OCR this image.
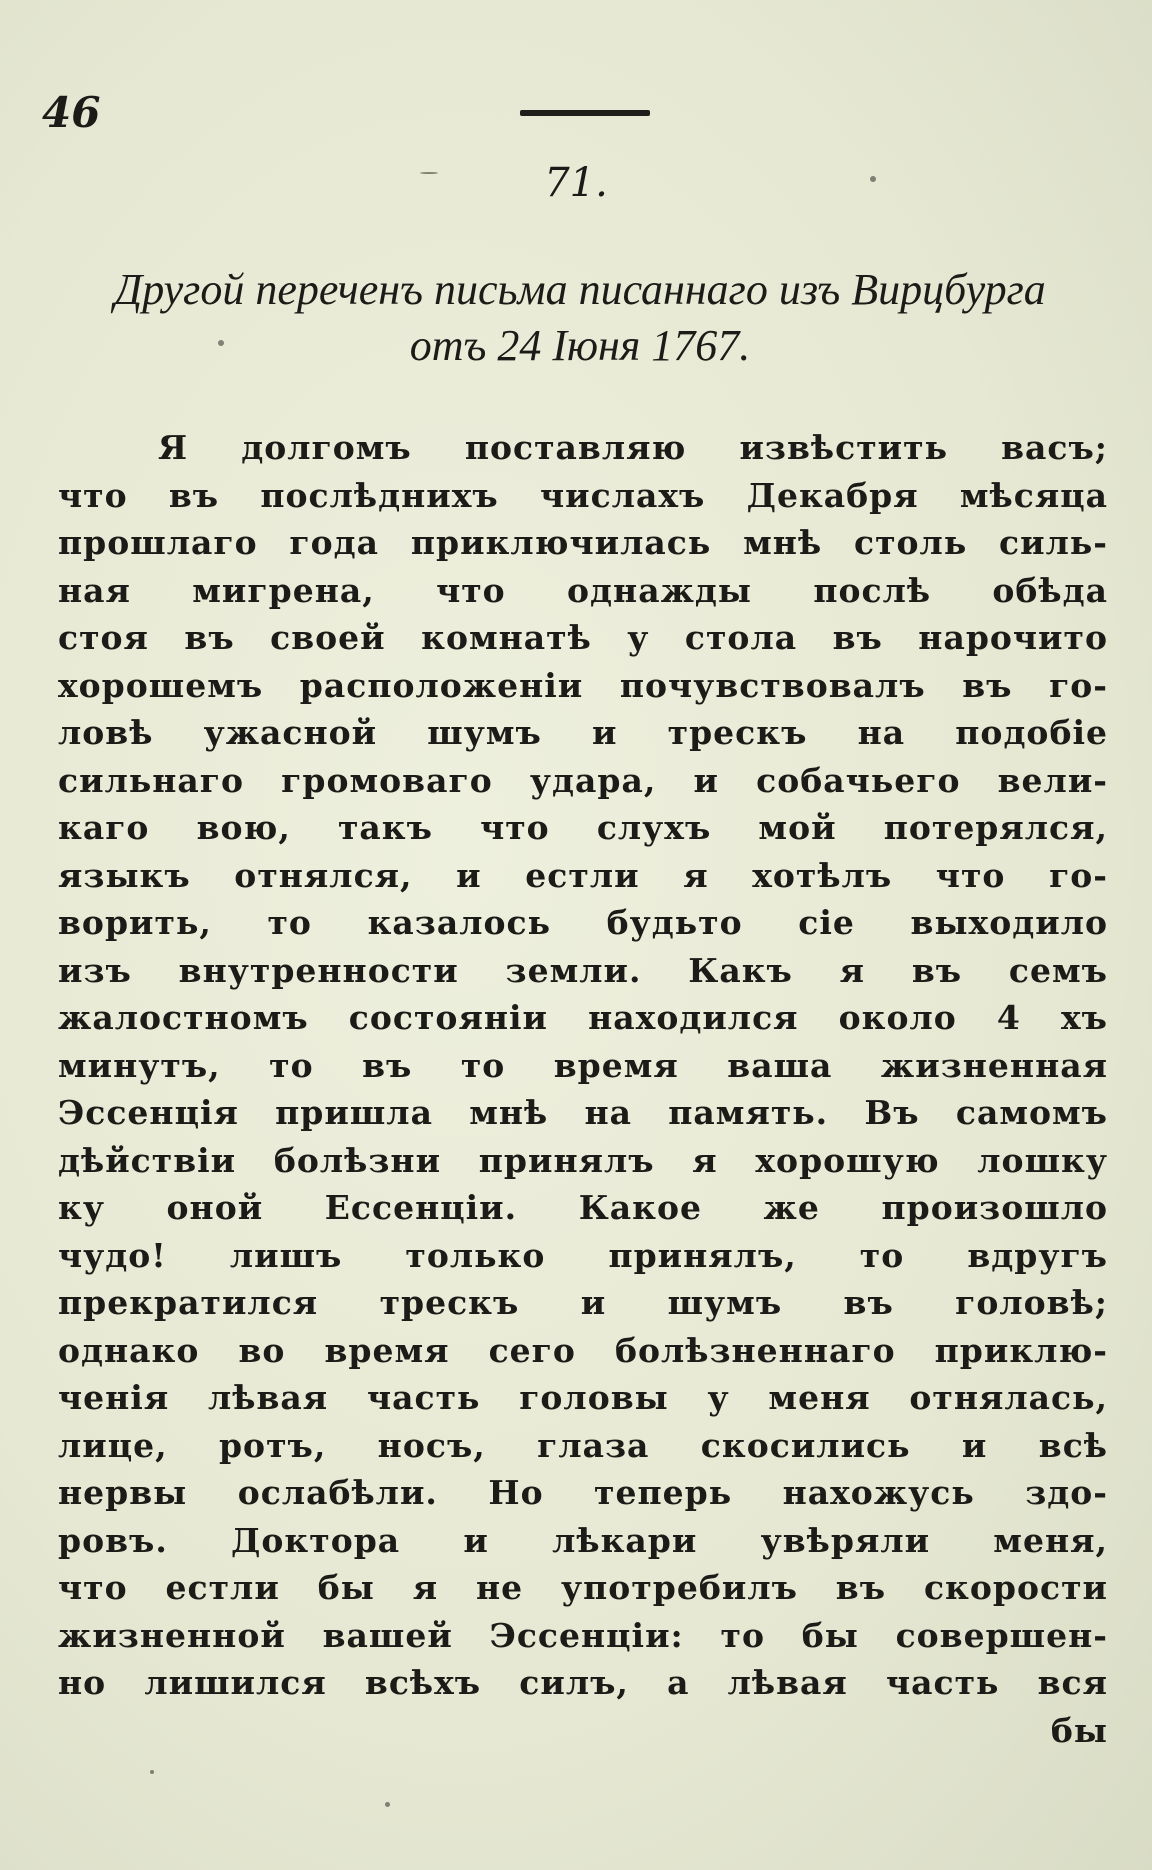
46
71.
Другой переченъ письма писаннаго изъ Вирцбурга
отъ 24 Iюня 1767.
Я долгомъ поставляю извѣстить васъ;
что въ послѣднихъ числахъ Декабря мѣсяца
прошлаго года приключилась мнѣ столь силь-
ная мигрена, что однажды послѣ обѣда
стоя въ своей комнатѣ у стола въ нарочито
хорошемъ расположенiи почувствовалъ въ го-
ловѣ ужасной шумъ и трескъ на подобiе
сильнаго громоваго удара, и собачьего вели-
каго вою, такъ что слухъ мой потерялся,
языкъ отнялся, и естли я хотѣлъ что го-
ворить, то казалось будьто сiе выходило
изъ внутренности земли. Какъ я въ семъ
жалостномъ состоянiи находился около 4 хъ
минутъ, то въ то время ваша жизненная
Эссенцiя пришла мнѣ на память. Въ самомъ
дѣйствiи болѣзни принялъ я хорошую лошку
ку оной Ессенцiи. Какое же произошло
чудо! лишъ только принялъ, то вдругъ
прекратился трескъ и шумъ въ головѣ;
однако во время сего болѣзненнаго приклю-
ченiя лѣвая часть головы у меня отнялась,
лице, ротъ, носъ, глаза скосились и всѣ
нервы ослабѣли. Но теперь нахожусь здо-
ровъ. Доктора и лѣкари увѣряли меня,
что естли бы я не употребилъ въ скорости
жизненной вашей Эссенцiи: то бы совершен-
но лишился всѣхъ силъ, а лѣвая часть вся
бы
